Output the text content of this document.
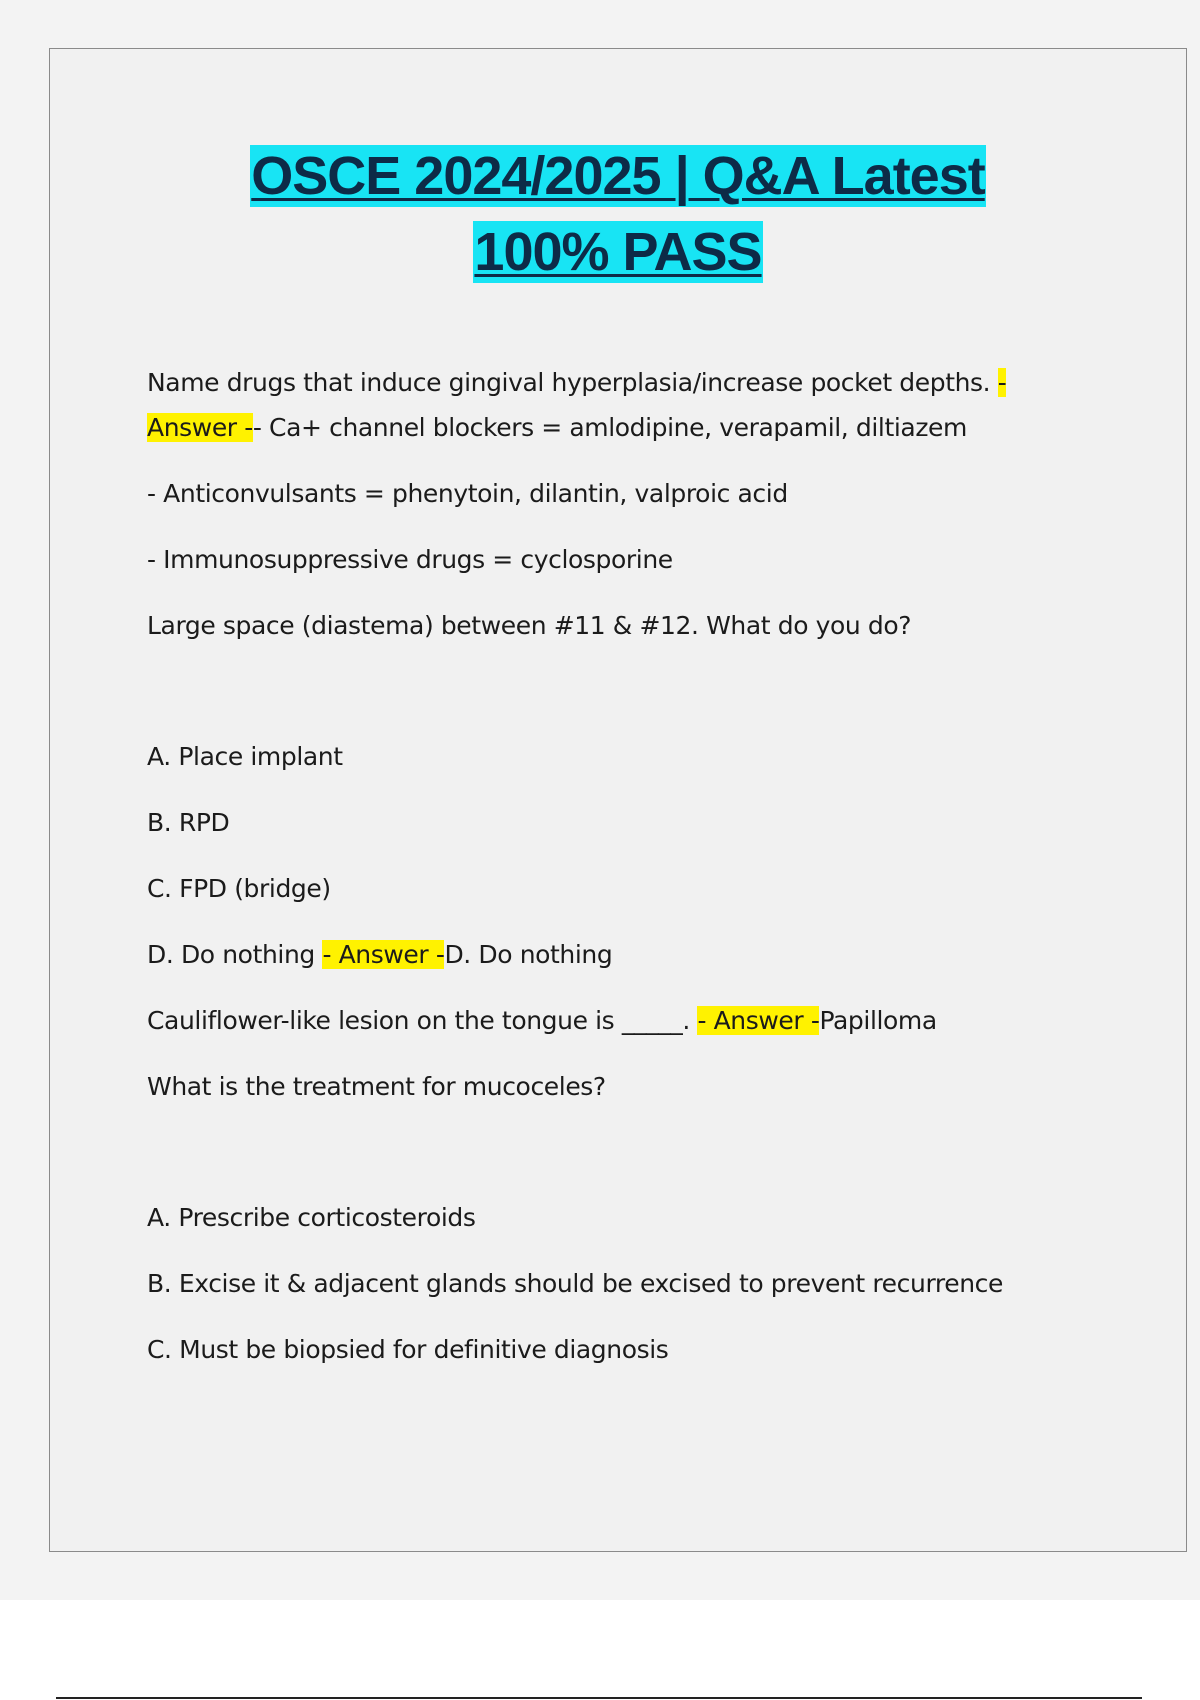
OSCE 2024/2025 | Q&A Latest
100% PASS
Name drugs that induce gingival hyperplasia/increase pocket depths. -
Answer -- Ca+ channel blockers = amlodipine, verapamil, diltiazem
- Anticonvulsants = phenytoin, dilantin, valproic acid
- Immunosuppressive drugs = cyclosporine
Large space (diastema) between #11 & #12. What do you do?
A. Place implant
B. RPD
C. FPD (bridge)
D. Do nothing - Answer -D. Do nothing
Cauliflower-like lesion on the tongue is _____. - Answer -Papilloma
What is the treatment for mucoceles?
A. Prescribe corticosteroids
B. Excise it & adjacent glands should be excised to prevent recurrence
C. Must be biopsied for definitive diagnosis
